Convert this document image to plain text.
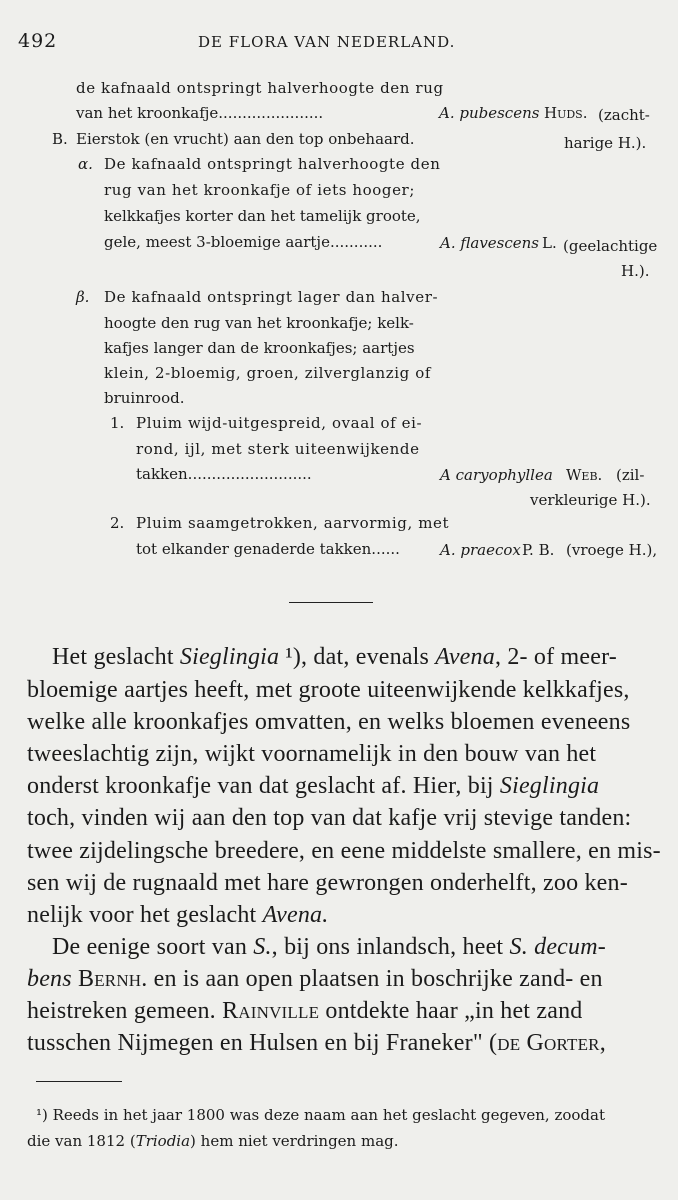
492	DE FLORA VAN NEDERLAND.
de kafnaald ontspringt halverhoogte den rug
van het kroonkafje......................	A. pubescens Huds. (zacht-
B. Eierstok (en vrucht) aan den top onbehaard.	harige H.).
α. De kafnaald ontspringt halverhoogte den
rug van het kroonkafje of iets hooger;
kelkkafjes korter dan het tamelijk groote,
gele, meest 3-bloemige aartje...........	A. flavescens L. (geelachtige
H.).
β. De kafnaald ontspringt lager dan halver-
hoogte den rug van het kroonkafje; kelk-
kafjes langer dan de kroonkafjes; aartjes
klein, 2-bloemig, groen, zilverglanzig of
bruinrood.
1. Pluim wijd-uitgespreid, ovaal of ei-
rond, ijl, met sterk uiteenwijkende
takken..........................	A caryophyllea Web. (zil-
verkleurige H.).
2. Pluim saamgetrokken, aarvormig, met
tot elkander genaderde takken......	A. praecox P. B. (vroege H.),
Het geslacht Sieglingia ¹), dat, evenals Avena, 2- of meer-
bloemige aartjes heeft, met groote uiteenwijkende kelkkafjes,
welke alle kroonkafjes omvatten, en welks bloemen eveneens
tweeslachtig zijn, wijkt voornamelijk in den bouw van het
onderst kroonkafje van dat geslacht af. Hier, bij Sieglingia
toch, vinden wij aan den top van dat kafje vrij stevige tanden:
twee zijdelingsche breedere, en eene middelste smallere, en mis-
sen wij de rugnaald met hare gewrongen onderhelft, zoo ken-
nelijk voor het geslacht Avena.
De eenige soort van S., bij ons inlandsch, heet S. decum-
bens Bernh. en is aan open plaatsen in boschrijke zand- en
heistreken gemeen. Rainville ontdekte haar „in het zand
tusschen Nijmegen en Hulsen en bij Franeker" (de Gorter,
¹) Reeds in het jaar 1800 was deze naam aan het geslacht gegeven, zoodat
die van 1812 (Triodia) hem niet verdringen mag.
